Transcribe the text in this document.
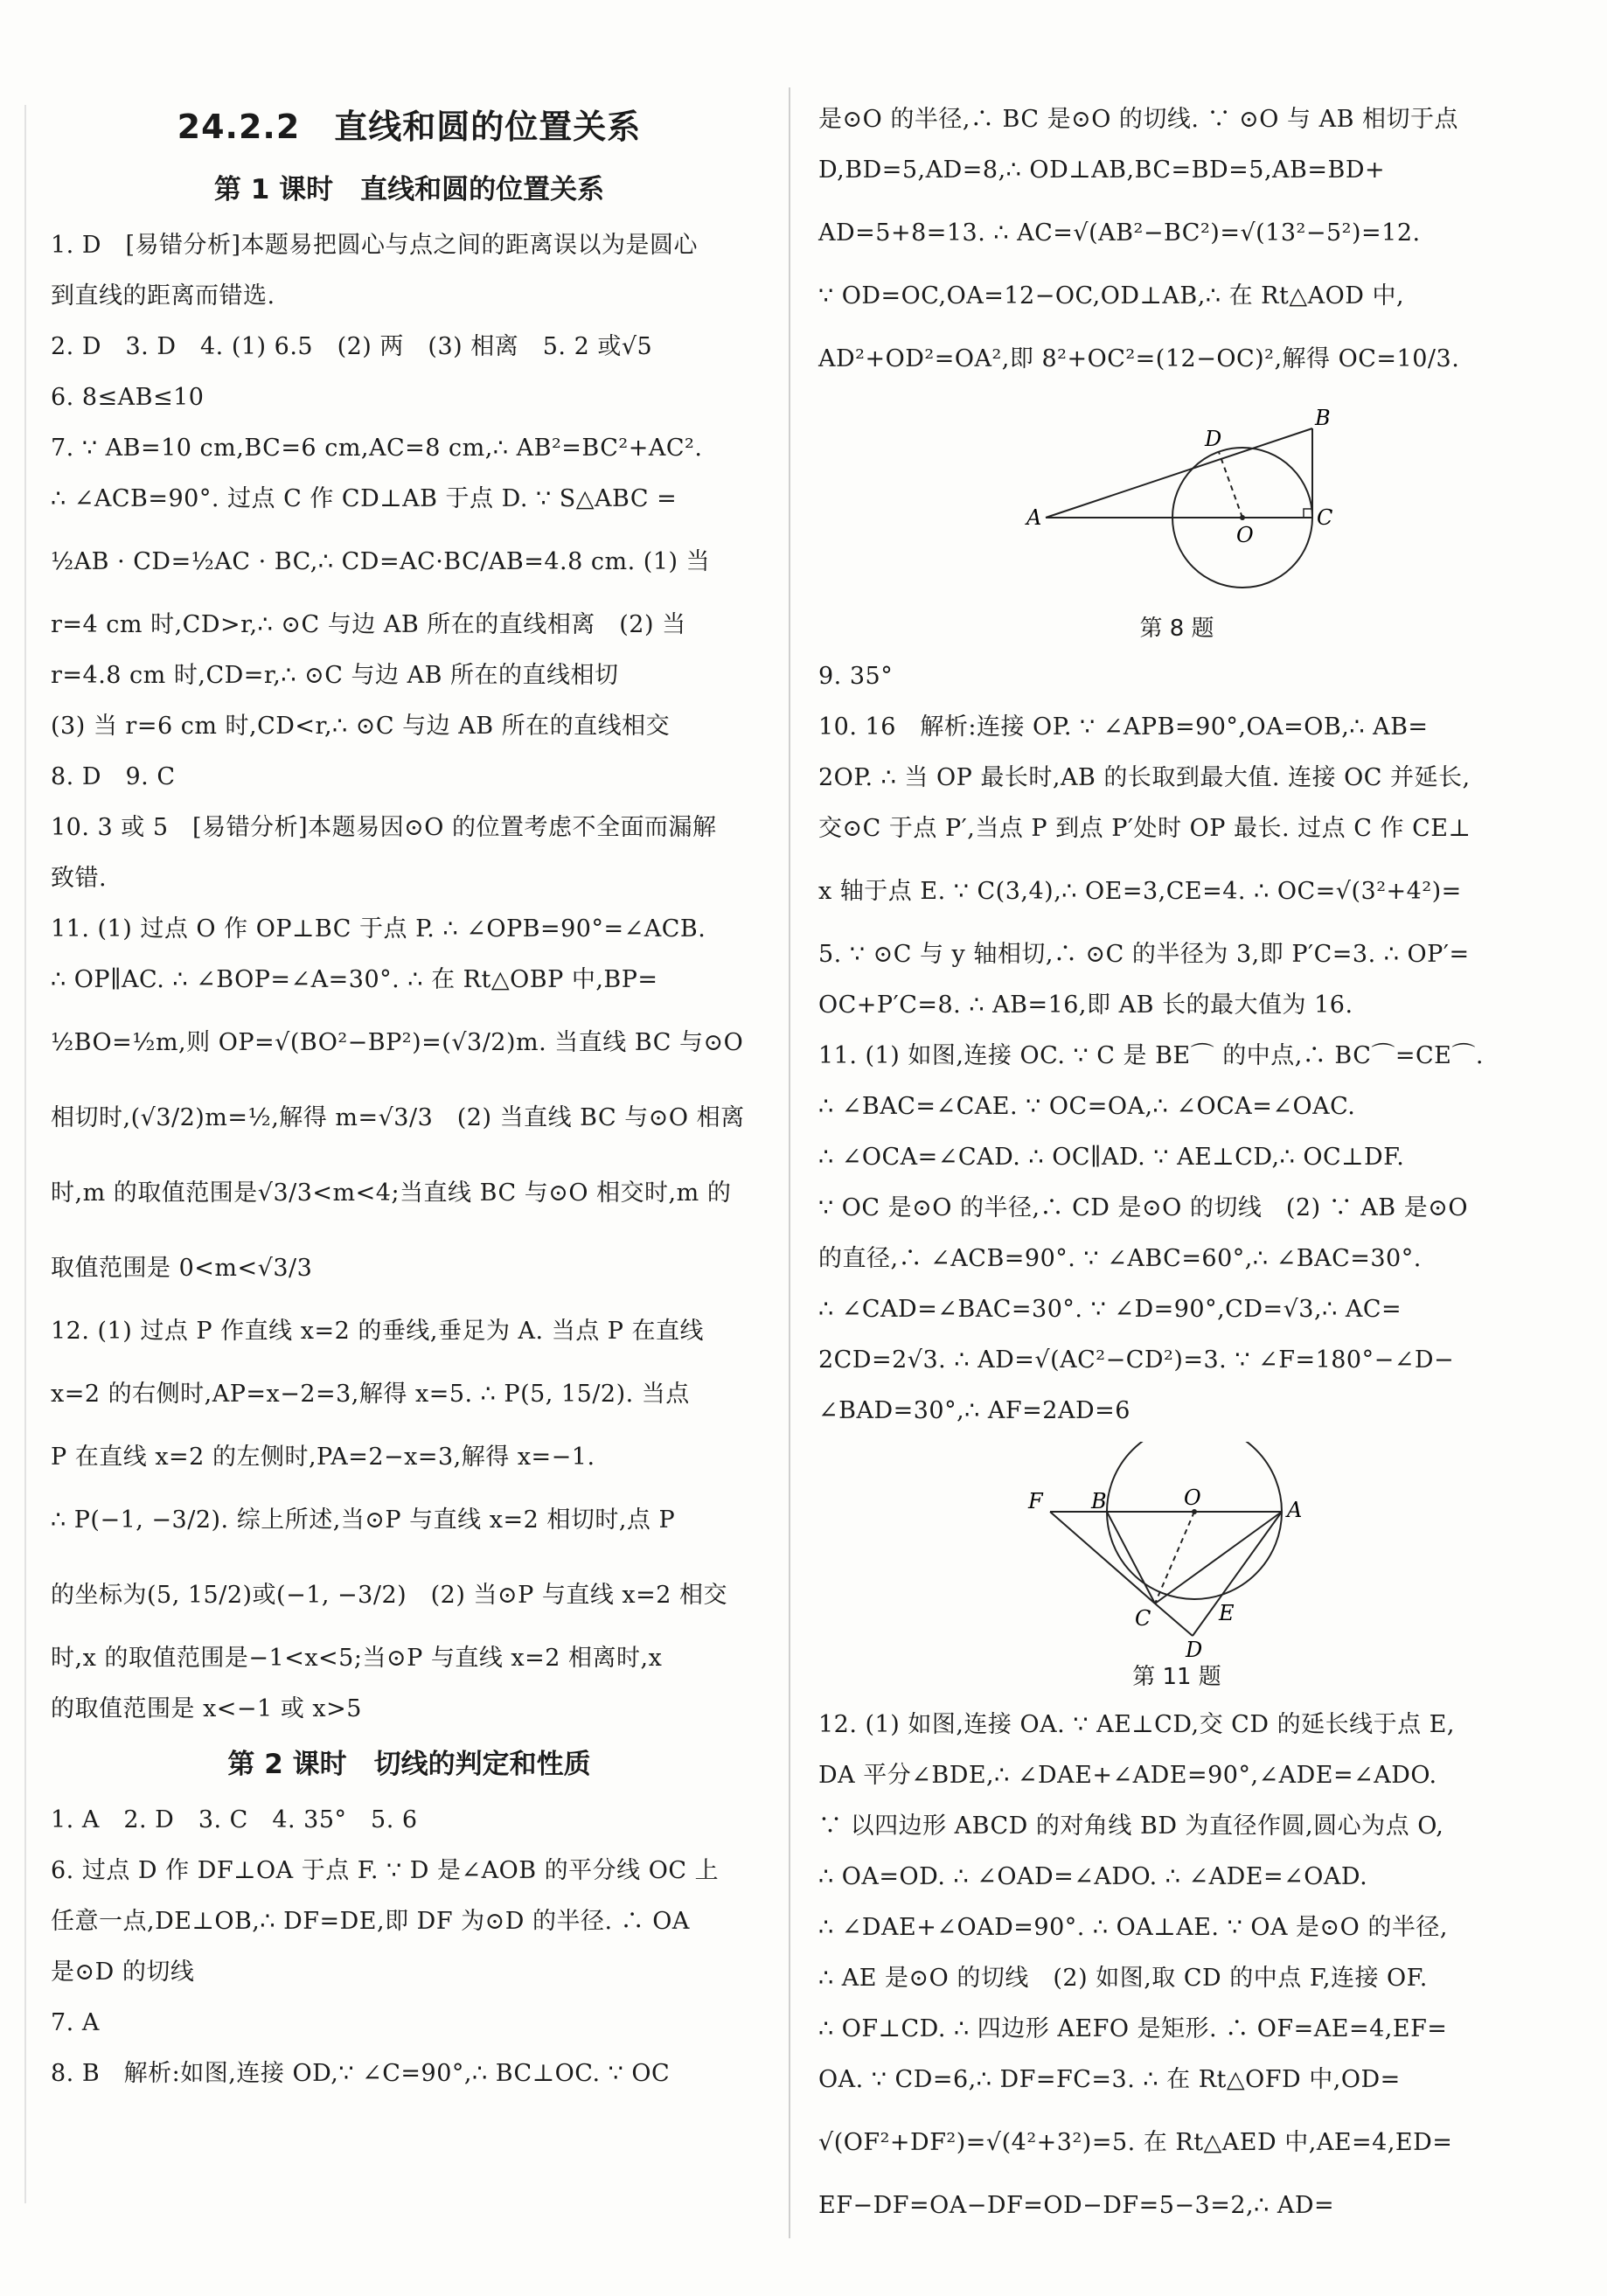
24.2.2　直线和圆的位置关系
第 1 课时　直线和圆的位置关系

1. D　[易错分析]本题易把圆心与点之间的距离误以为是圆心

到直线的距离而错选.

2. D　3. D　4. (1) 6.5　(2) 两　(3) 相离　5. 2 或√5

6. 8≤AB≤10

7. ∵ AB=10 cm,BC=6 cm,AC=8 cm,∴ AB²=BC²+AC².

∴ ∠ACB=90°. 过点 C 作 CD⊥AB 于点 D. ∵ S△ABC =

½AB · CD=½AC · BC,∴ CD=AC·BC/AB=4.8 cm. (1) 当

r=4 cm 时,CD>r,∴ ⊙C 与边 AB 所在的直线相离　(2) 当

r=4.8 cm 时,CD=r,∴ ⊙C 与边 AB 所在的直线相切

(3) 当 r=6 cm 时,CD<r,∴ ⊙C 与边 AB 所在的直线相交

8. D　9. C

10. 3 或 5　[易错分析]本题易因⊙O 的位置考虑不全面而漏解

致错.

11. (1) 过点 O 作 OP⊥BC 于点 P. ∴ ∠OPB=90°=∠ACB.

∴ OP∥AC. ∴ ∠BOP=∠A=30°. ∴ 在 Rt△OBP 中,BP=

½BO=½m,则 OP=√(BO²−BP²)=(√3/2)m. 当直线 BC 与⊙O

相切时,(√3/2)m=½,解得 m=√3/3　(2) 当直线 BC 与⊙O 相离

时,m 的取值范围是√3/3<m<4;当直线 BC 与⊙O 相交时,m 的

取值范围是 0<m<√3/3

12. (1) 过点 P 作直线 x=2 的垂线,垂足为 A. 当点 P 在直线

x=2 的右侧时,AP=x−2=3,解得 x=5. ∴ P(5, 15/2). 当点

P 在直线 x=2 的左侧时,PA=2−x=3,解得 x=−1.

∴ P(−1, −3/2). 综上所述,当⊙P 与直线 x=2 相切时,点 P

的坐标为(5, 15/2)或(−1, −3/2)　(2) 当⊙P 与直线 x=2 相交

时,x 的取值范围是−1<x<5;当⊙P 与直线 x=2 相离时,x

的取值范围是 x<−1 或 x>5

第 2 课时　切线的判定和性质

1. A　2. D　3. C　4. 35°　5. 6

6. 过点 D 作 DF⊥OA 于点 F. ∵ D 是∠AOB 的平分线 OC 上

任意一点,DE⊥OB,∴ DF=DE,即 DF 为⊙D 的半径. ∴ OA

是⊙D 的切线

7. A

8. B　解析:如图,连接 OD,∵ ∠C=90°,∴ BC⊥OC. ∵ OC

是⊙O 的半径,∴ BC 是⊙O 的切线. ∵ ⊙O 与 AB 相切于点

D,BD=5,AD=8,∴ OD⊥AB,BC=BD=5,AB=BD+

AD=5+8=13. ∴ AC=√(AB²−BC²)=√(13²−5²)=12.

∵ OD=OC,OA=12−OC,OD⊥AB,∴ 在 Rt△AOD 中,

AD²+OD²=OA²,即 8²+OC²=(12−OC)²,解得 OC=10/3.

A
B
C
D
O
第 8 题

9. 35°

10. 16　解析:连接 OP. ∵ ∠APB=90°,OA=OB,∴ AB=

2OP. ∴ 当 OP 最长时,AB 的长取到最大值. 连接 OC 并延长,

交⊙C 于点 P′,当点 P 到点 P′处时 OP 最长. 过点 C 作 CE⊥

x 轴于点 E. ∵ C(3,4),∴ OE=3,CE=4. ∴ OC=√(3²+4²)=

5. ∵ ⊙C 与 y 轴相切,∴ ⊙C 的半径为 3,即 P′C=3. ∴ OP′=

OC+P′C=8. ∴ AB=16,即 AB 长的最大值为 16.

11. (1) 如图,连接 OC. ∵ C 是 BE⌒ 的中点,∴ BC⌒=CE⌒.

∴ ∠BAC=∠CAE. ∵ OC=OA,∴ ∠OCA=∠OAC.

∴ ∠OCA=∠CAD. ∴ OC∥AD. ∵ AE⊥CD,∴ OC⊥DF.

∵ OC 是⊙O 的半径,∴ CD 是⊙O 的切线　(2) ∵ AB 是⊙O

的直径,∴ ∠ACB=90°. ∵ ∠ABC=60°,∴ ∠BAC=30°.

∴ ∠CAD=∠BAC=30°. ∵ ∠D=90°,CD=√3,∴ AC=

2CD=2√3. ∴ AD=√(AC²−CD²)=3. ∵ ∠F=180°−∠D−

∠BAD=30°,∴ AF=2AD=6

F B	O	A
C	E
D
第 11 题

12. (1) 如图,连接 OA. ∵ AE⊥CD,交 CD 的延长线于点 E,

DA 平分∠BDE,∴ ∠DAE+∠ADE=90°,∠ADE=∠ADO.

∵ 以四边形 ABCD 的对角线 BD 为直径作圆,圆心为点 O,

∴ OA=OD. ∴ ∠OAD=∠ADO. ∴ ∠ADE=∠OAD.

∴ ∠DAE+∠OAD=90°. ∴ OA⊥AE. ∵ OA 是⊙O 的半径,

∴ AE 是⊙O 的切线　(2) 如图,取 CD 的中点 F,连接 OF.

∴ OF⊥CD. ∴ 四边形 AEFO 是矩形. ∴ OF=AE=4,EF=

OA. ∵ CD=6,∴ DF=FC=3. ∴ 在 Rt△OFD 中,OD=

√(OF²+DF²)=√(4²+3²)=5. 在 Rt△AED 中,AE=4,ED=

EF−DF=OA−DF=OD−DF=5−3=2,∴ AD=
